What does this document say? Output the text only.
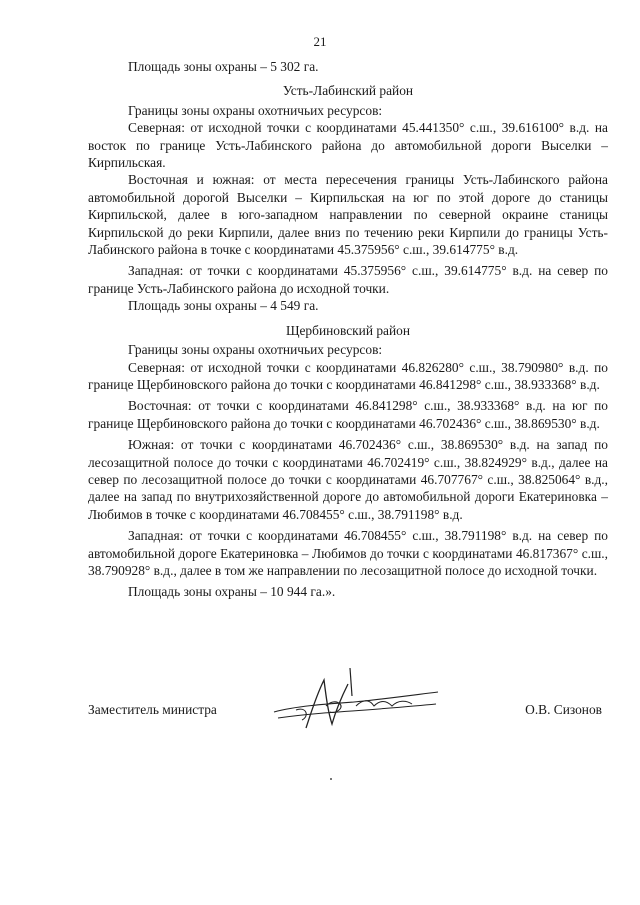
21

Площадь зоны охраны – 5 302 га.

Усть-Лабинский район

Границы зоны охраны охотничьих ресурсов:

Северная: от исходной точки с координатами 45.441350° с.ш., 39.616100° в.д. на восток по границе Усть-Лабинского района до автомобильной дороги Выселки – Кирпильская.

Восточная и южная: от места пересечения границы Усть-Лабинского района автомобильной дорогой Выселки – Кирпильская на юг по этой дороге до станицы Кирпильской, далее в юго-западном направлении по северной окраине станицы Кирпильской до реки Кирпили, далее вниз по течению реки Кирпили до границы Усть-Лабинского района в точке с координатами 45.375956° с.ш., 39.614775° в.д.

Западная: от точки с координатами 45.375956° с.ш., 39.614775° в.д. на север по границе Усть-Лабинского района до исходной точки.

Площадь зоны охраны – 4 549 га.

Щербиновский район

Границы зоны охраны охотничьих ресурсов:

Северная: от исходной точки с координатами 46.826280° с.ш., 38.790980° в.д. по границе Щербиновского района до точки с координатами 46.841298° с.ш., 38.933368° в.д.

Восточная: от точки с координатами 46.841298° с.ш., 38.933368° в.д. на юг по границе Щербиновского района до точки с координатами 46.702436° с.ш., 38.869530° в.д.

Южная: от точки с координатами 46.702436° с.ш., 38.869530° в.д. на запад по лесозащитной полосе до точки с координатами 46.702419° с.ш., 38.824929° в.д., далее на север по лесозащитной полосе до точки с координатами 46.707767° с.ш., 38.825064° в.д., далее на запад по внутрихозяйственной дороге до автомобильной дороги Екатериновка – Любимов в точке с координатами 46.708455° с.ш., 38.791198° в.д.

Западная: от точки с координатами 46.708455° с.ш., 38.791198° в.д. на север по автомобильной дороге Екатериновка – Любимов до точки с координатами 46.817367° с.ш., 38.790928° в.д., далее в том же направлении по лесозащитной полосе до исходной точки.

Площадь зоны охраны – 10 944 га.».

Заместитель министра	О.В. Сизонов
